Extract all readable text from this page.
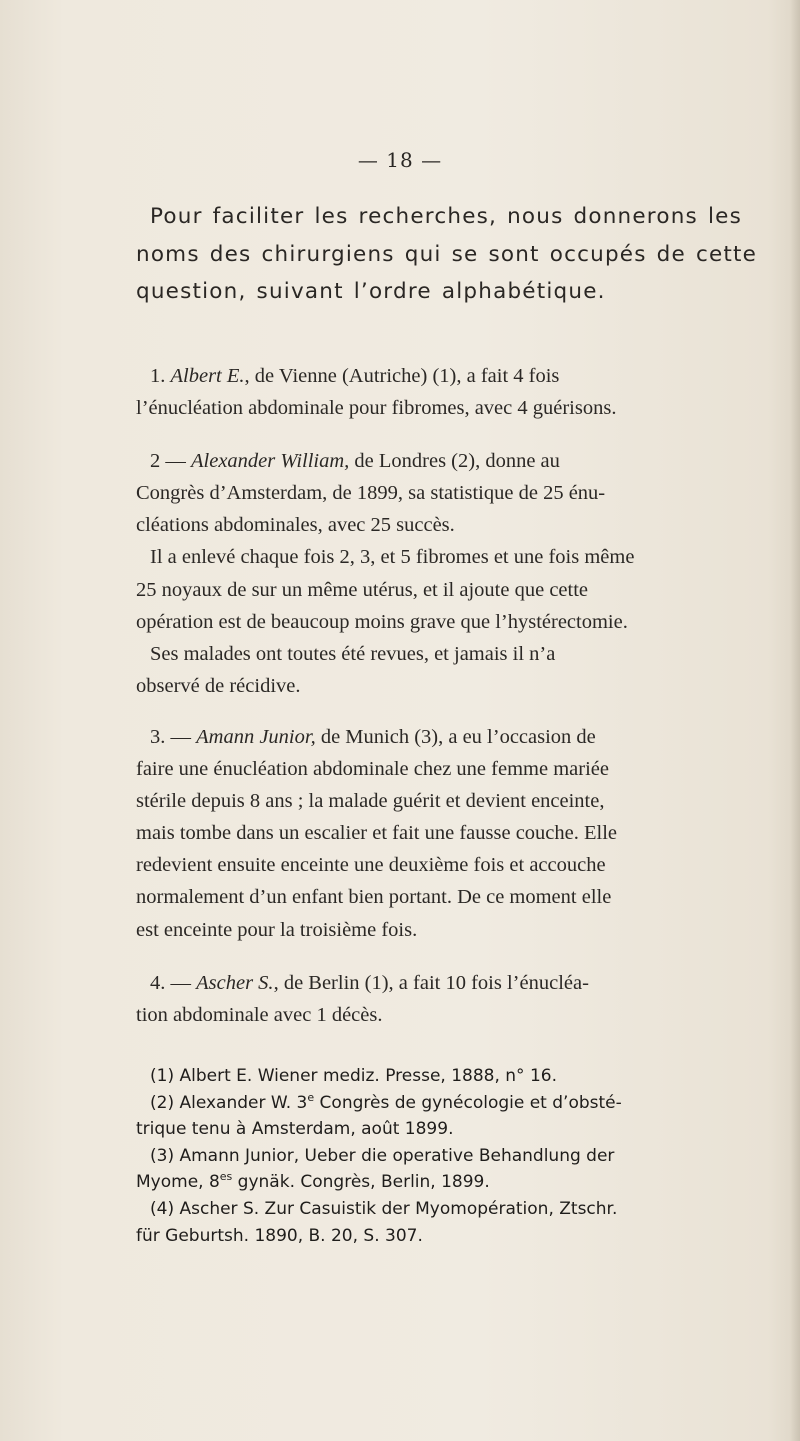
— 18 —
Pour faciliter les recherches, nous donnerons les
noms des chirurgiens qui se sont occupés de cette
question, suivant l’ordre alphabétique.
1. Albert E., de Vienne (Autriche) (1), a fait 4 fois
l’énucléation abdominale pour fibromes, avec 4 guérisons.
2 — Alexander William, de Londres (2), donne au
Congrès d’Amsterdam, de 1899, sa statistique de 25 énu-
cléations abdominales, avec 25 succès.
Il a enlevé chaque fois 2, 3, et 5 fibromes et une fois même
25 noyaux de sur un même utérus, et il ajoute que cette
opération est de beaucoup moins grave que l’hystérectomie.
Ses malades ont toutes été revues, et jamais il n’a
observé de récidive.
3. — Amann Junior, de Munich (3), a eu l’occasion de
faire une énucléation abdominale chez une femme mariée
stérile depuis 8 ans ; la malade guérit et devient enceinte,
mais tombe dans un escalier et fait une fausse couche. Elle
redevient ensuite enceinte une deuxième fois et accouche
normalement d’un enfant bien portant. De ce moment elle
est enceinte pour la troisième fois.
4. — Ascher S., de Berlin (1), a fait 10 fois l’énucléa-
tion abdominale avec 1 décès.
(1) Albert E. Wiener mediz. Presse, 1888, n° 16.
(2) Alexander W. 3e Congrès de gynécologie et d’obsté-
trique tenu à Amsterdam, août 1899.
(3) Amann Junior, Ueber die operative Behandlung der
Myome, $8^{es}$ gynäk. Congrès, Berlin, 1899.
(4) Ascher S. Zur Casuistik der Myomopération, Ztschr.
für Geburtsh. 1890, B. 20, S. 307.
